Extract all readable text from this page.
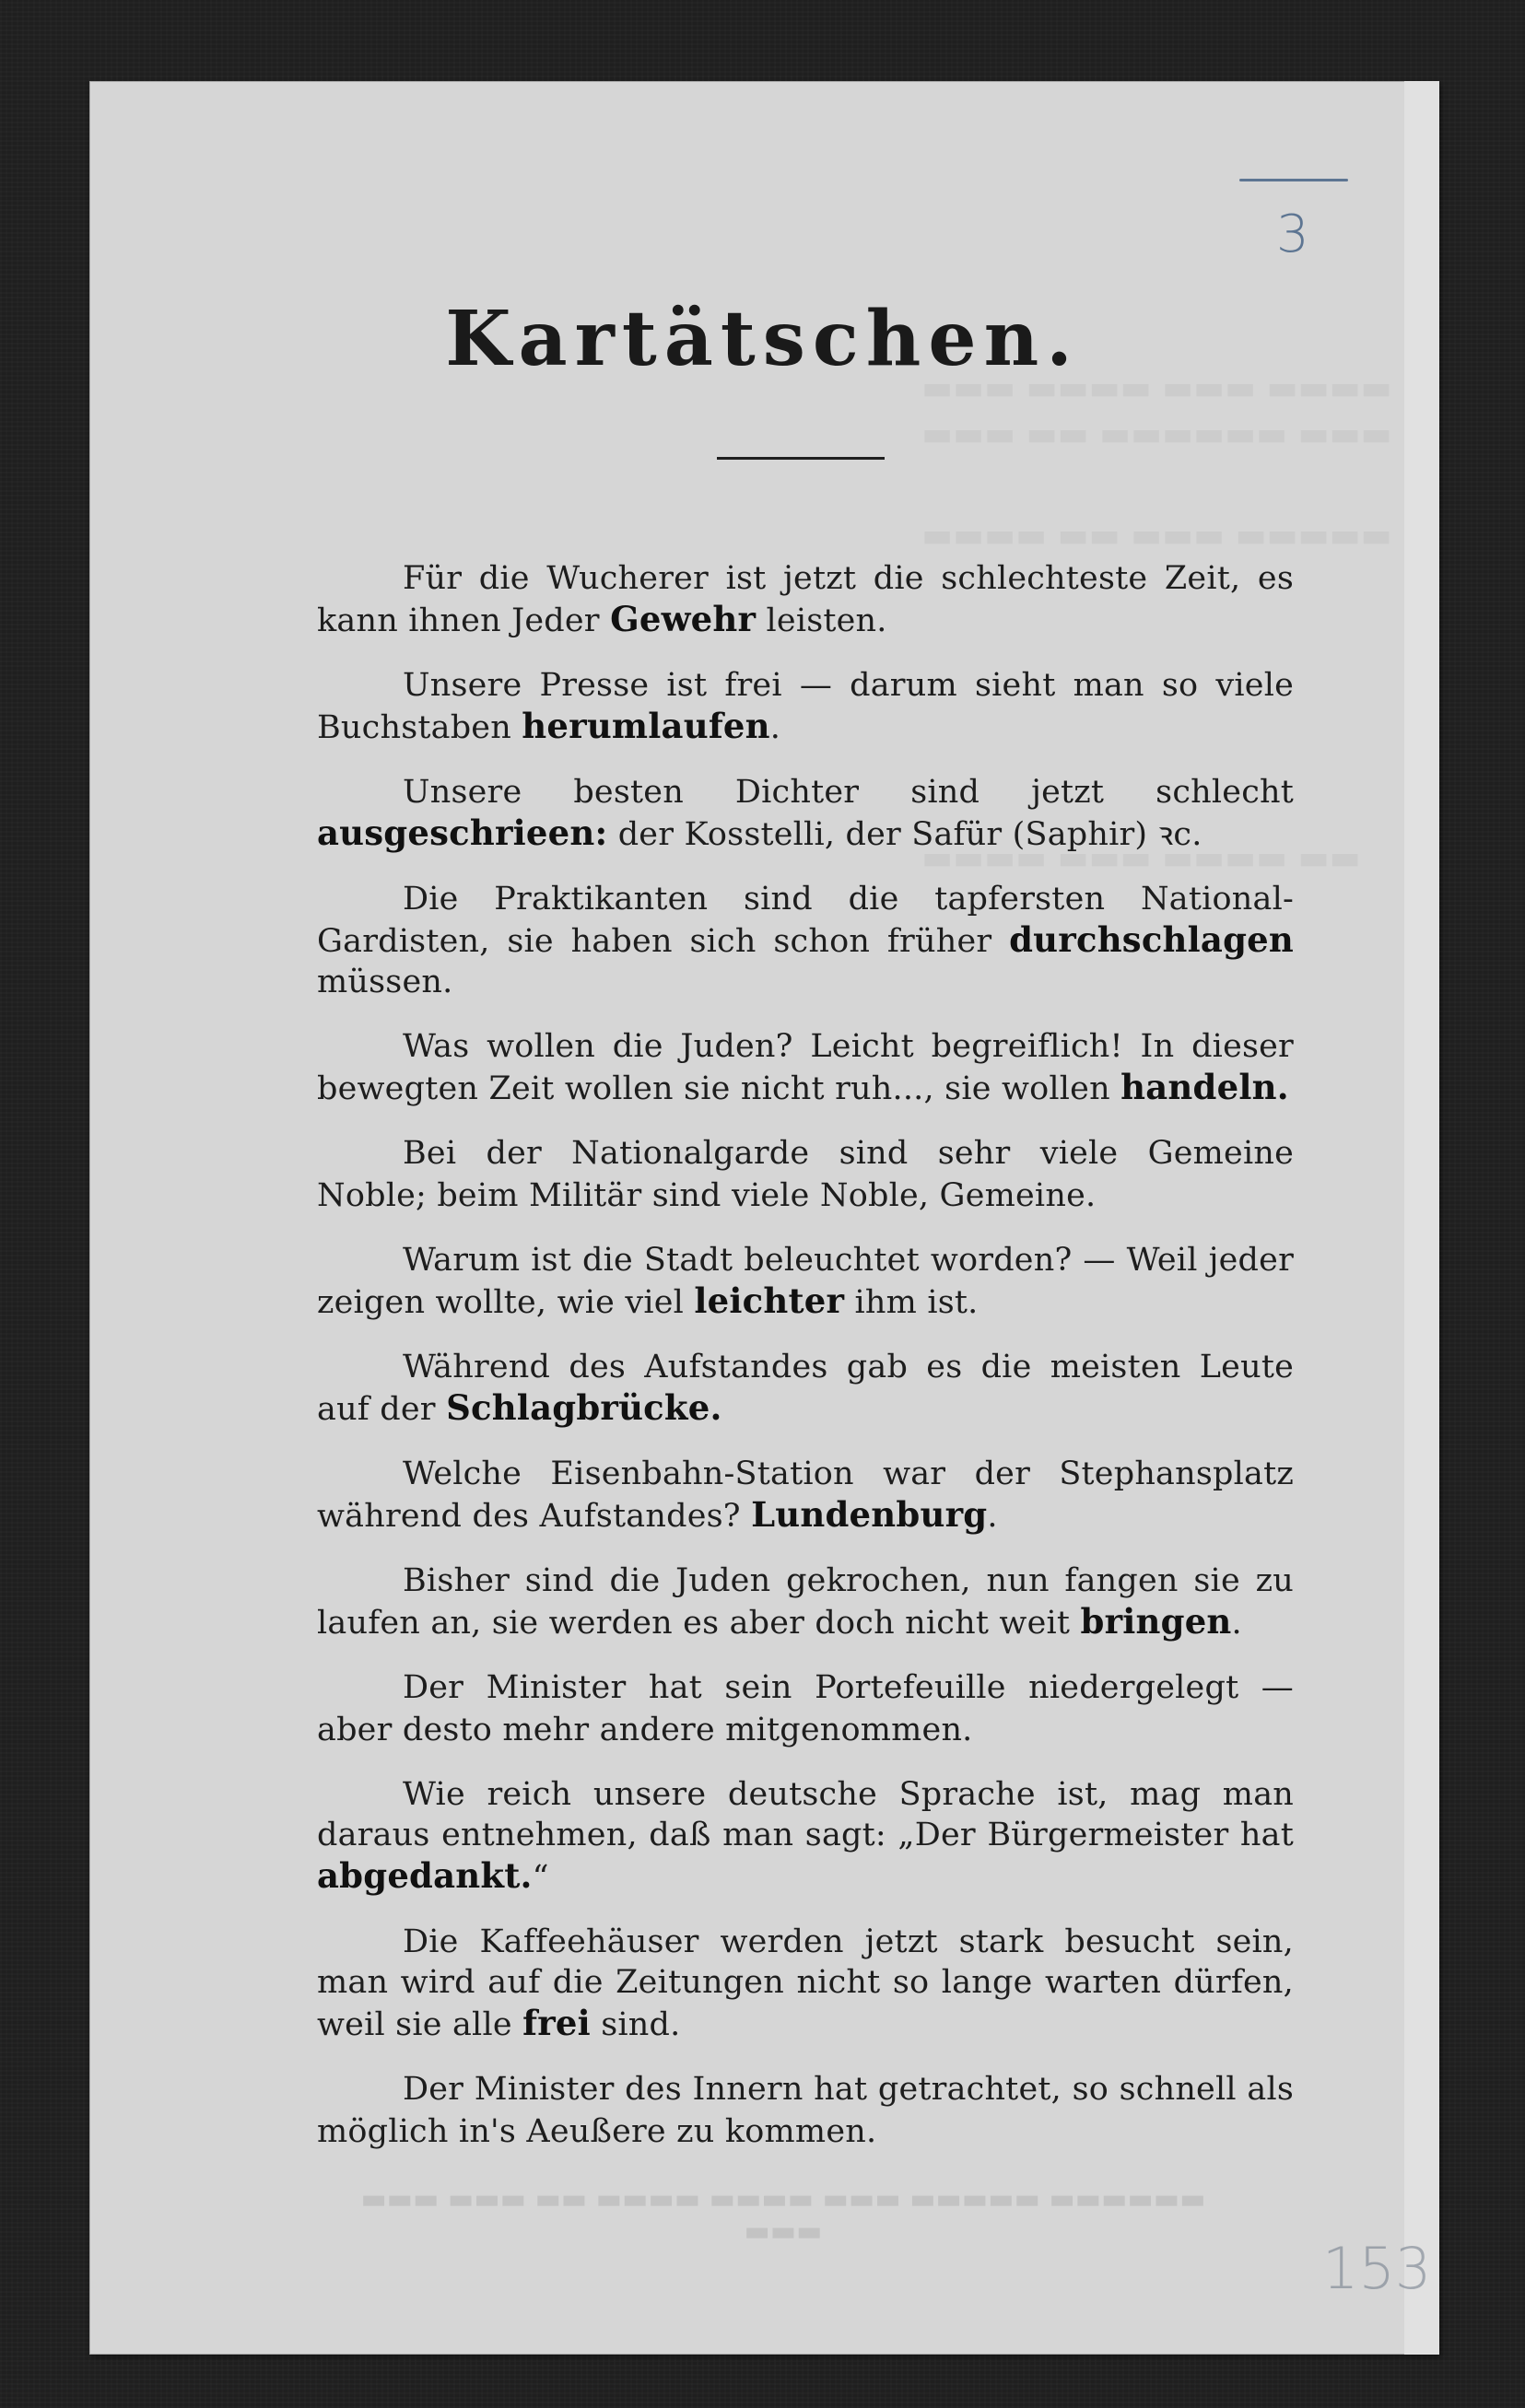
▬▬▬ ▬▬▬▬ ▬▬▬ ▬▬▬▬
▬▬▬ ▬▬ ▬▬▬▬▬▬ ▬▬▬
▬▬▬▬ ▬▬ ▬▬▬ ▬▬▬▬▬
▬▬▬▬ ▬▬▬ ▬▬▬▬ ▬▬
3
Kartätschen.

Für die Wucherer ist jetzt die schlechteste Zeit, es kann ihnen Jeder Gewehr leisten.

Unsere Presse ist frei — darum sieht man so viele Buchstaben herumlaufen.

Unsere besten Dichter sind jetzt schlecht ausgeschrieen: der Kosstelli, der Safür (Saphir) ꝛc.

Die Praktikanten sind die tapfersten National-Gardisten, sie haben sich schon früher durchschlagen müssen.

Was wollen die Juden? Leicht begreiflich! In dieser bewegten Zeit wollen sie nicht ruh..., sie wollen handeln.

Bei der Nationalgarde sind sehr viele Gemeine Noble; beim Militär sind viele Noble, Gemeine.

Warum ist die Stadt beleuchtet worden? — Weil jeder zeigen wollte, wie viel leichter ihm ist.

Während des Aufstandes gab es die meisten Leute auf der Schlagbrücke.

Welche Eisenbahn-Station war der Stephansplatz während des Aufstandes? Lundenburg.

Bisher sind die Juden gekrochen, nun fangen sie zu laufen an, sie werden es aber doch nicht weit bringen.

Der Minister hat sein Portefeuille niedergelegt — aber desto mehr andere mitgenommen.

Wie reich unsere deutsche Sprache ist, mag man daraus entnehmen, daß man sagt: „Der Bürgermeister hat abgedankt.“

Die Kaffeehäuser werden jetzt stark besucht sein, man wird auf die Zeitungen nicht so lange warten dürfen, weil sie alle frei sind.

Der Minister des Innern hat getrachtet, so schnell als möglich in's Aeußere zu kommen.

▬▬▬ ▬▬▬ ▬▬ ▬▬▬▬ ▬▬▬▬ ▬▬▬ ▬▬▬▬▬ ▬▬▬▬▬▬ ▬▬▬
153
